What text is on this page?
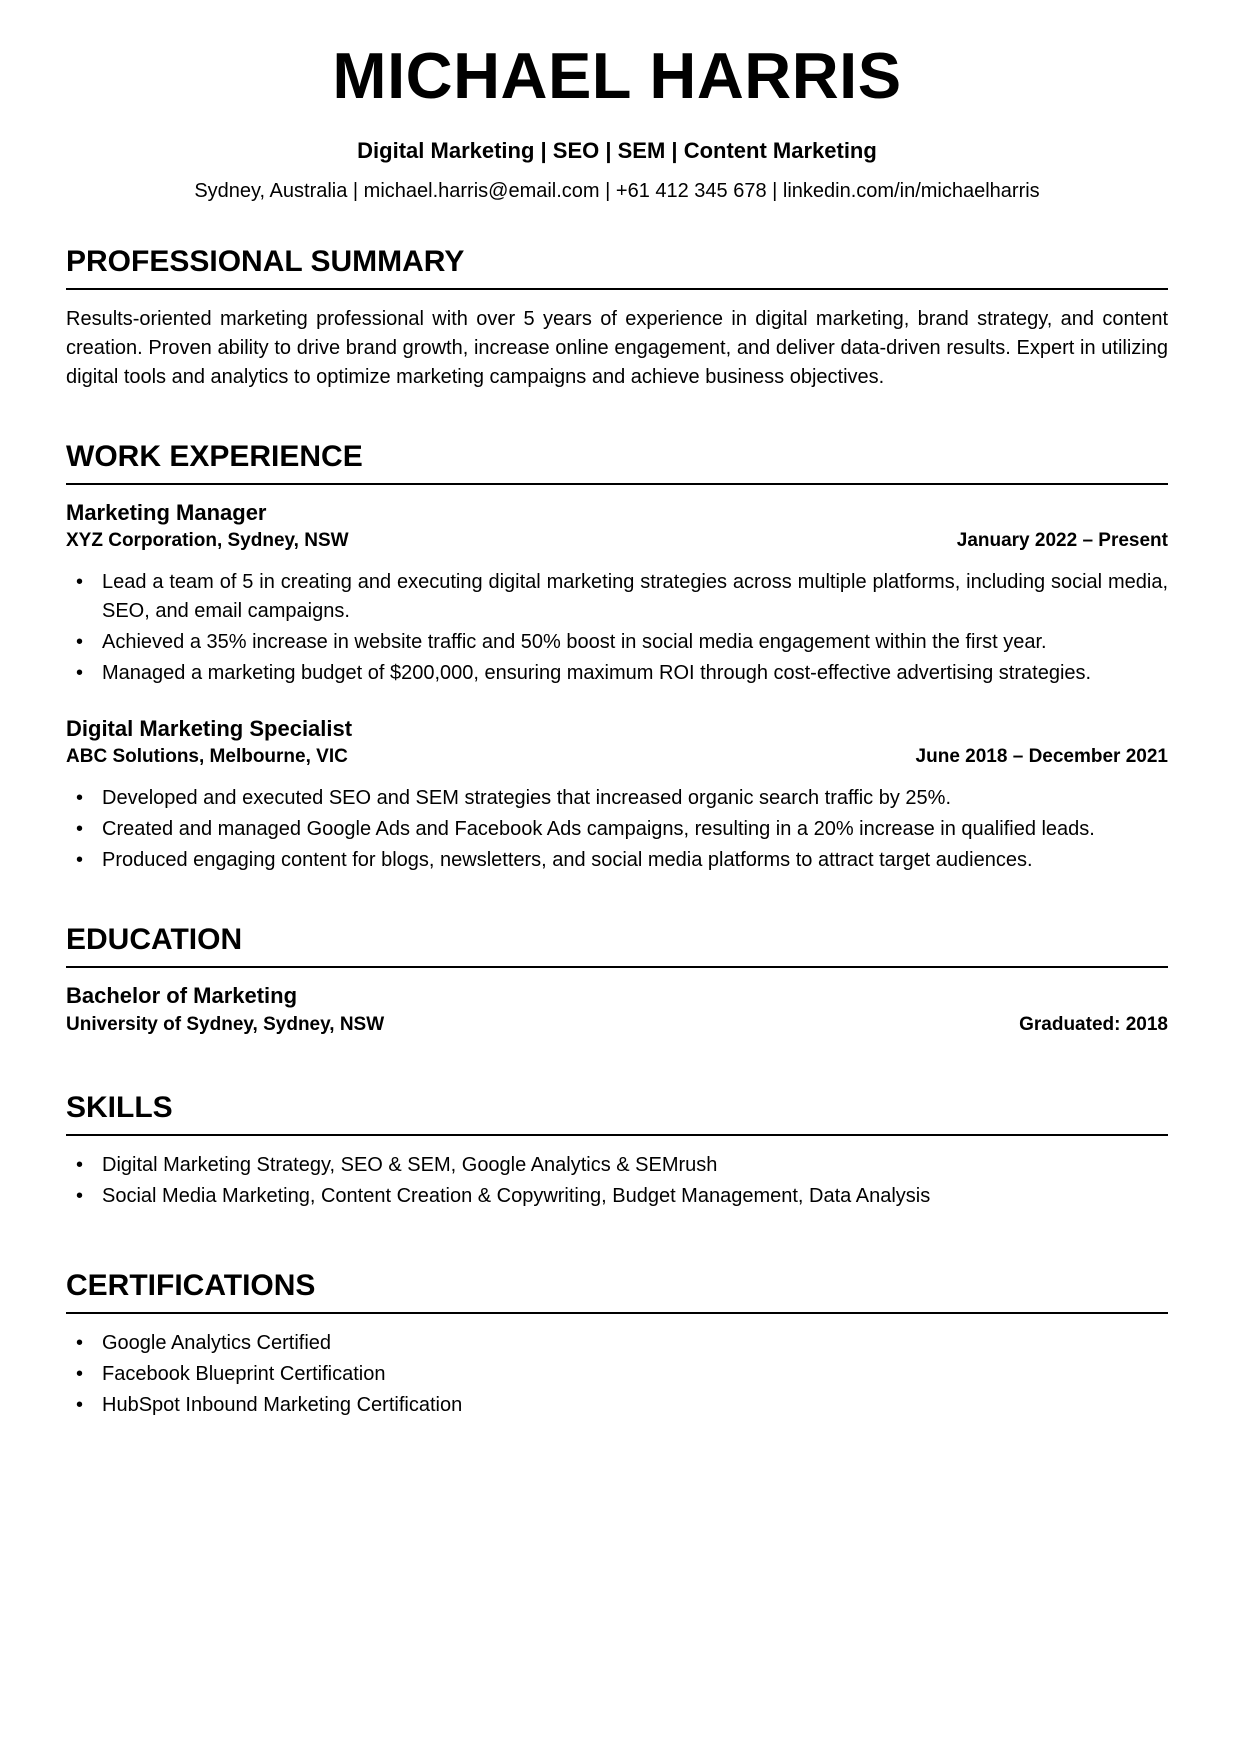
MICHAEL HARRIS

Digital Marketing | SEO | SEM | Content Marketing

Sydney, Australia | michael.harris@email.com | +61 412 345 678 | linkedin.com/in/michaelharris

PROFESSIONAL SUMMARY

Results-oriented marketing professional with over 5 years of experience in digital marketing, brand strategy, and content creation. Proven ability to drive brand growth, increase online engagement, and deliver data-driven results. Expert in utilizing digital tools and analytics to optimize marketing campaigns and achieve business objectives.

WORK EXPERIENCE
Marketing Manager
XYZ Corporation, Sydney, NSW	January 2022 – Present
• Lead a team of 5 in creating and executing digital marketing strategies across multiple platforms, including social media, SEO, and email campaigns.
• Achieved a 35% increase in website traffic and 50% boost in social media engagement within the first year.
• Managed a marketing budget of $200,000, ensuring maximum ROI through cost-effective advertising strategies.
Digital Marketing Specialist
ABC Solutions, Melbourne, VIC	June 2018 – December 2021
• Developed and executed SEO and SEM strategies that increased organic search traffic by 25%.
• Created and managed Google Ads and Facebook Ads campaigns, resulting in a 20% increase in qualified leads.
• Produced engaging content for blogs, newsletters, and social media platforms to attract target audiences.
EDUCATION
Bachelor of Marketing
University of Sydney, Sydney, NSW	Graduated: 2018
SKILLS
• Digital Marketing Strategy, SEO & SEM, Google Analytics & SEMrush
• Social Media Marketing, Content Creation & Copywriting, Budget Management, Data Analysis
CERTIFICATIONS
• Google Analytics Certified
• Facebook Blueprint Certification
• HubSpot Inbound Marketing Certification
